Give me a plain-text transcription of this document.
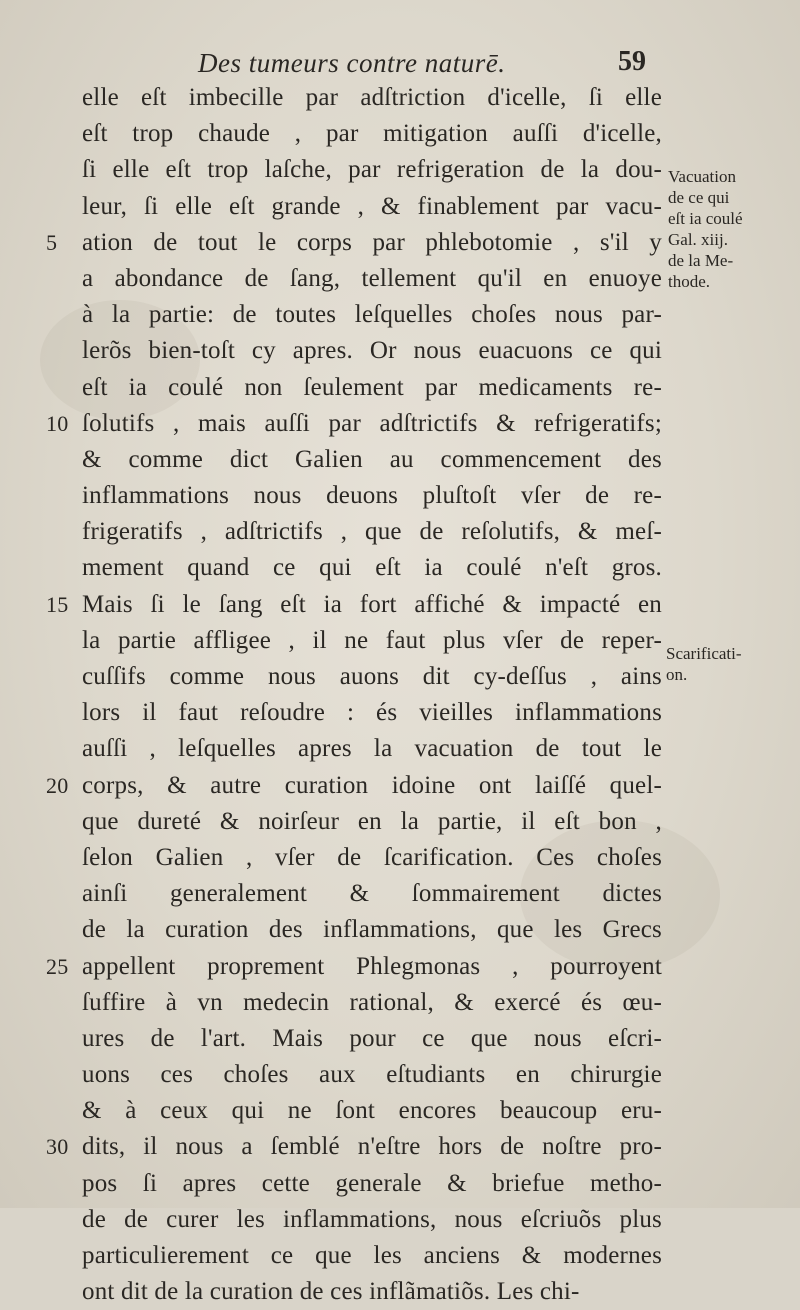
Des tumeurs contre naturē.	59
elle eſt imbecille par adſtriction d'icelle, ſi elle
eſt trop chaude , par mitigation auſſi d'icelle,
ſi elle eſt trop laſche, par refrigeration de la dou-
leur, ſi elle eſt grande , & finablement par vacu-
5 ation de tout le corps par phlebotomie , s'il y
a abondance de ſang, tellement qu'il en enuoye
à la partie: de toutes leſquelles choſes nous par-
lerõs bien-toſt cy apres. Or nous euacuons ce qui
eſt ia coulé non ſeulement par medicaments re-
10 ſolutifs , mais auſſi par adſtrictifs & refrigeratifs;
& comme dict Galien au commencement des
inflammations nous deuons pluſtoſt vſer de re-
frigeratifs , adſtrictifs , que de reſolutifs, & meſ-
mement quand ce qui eſt ia coulé n'eſt gros.
15 Mais ſi le ſang eſt ia fort affiché & impacté en
la partie affligee , il ne faut plus vſer de reper-
cuſſifs comme nous auons dit cy-deſſus , ains
lors il faut reſoudre : és vieilles inflammations
auſſi , leſquelles apres la vacuation de tout le
20 corps, & autre curation idoine ont laiſſé quel-
que dureté & noirſeur en la partie, il eſt bon ,
ſelon Galien , vſer de ſcarification. Ces choſes
ainſi generalement & ſommairement dictes
de la curation des inflammations, que les Grecs
25 appellent proprement Phlegmonas , pourroyent
ſuffire à vn medecin rational, & exercé és œu-
ures de l'art. Mais pour ce que nous eſcri-
uons ces choſes aux eſtudiants en chirurgie
& à ceux qui ne ſont encores beaucoup eru-
30 dits, il nous a ſemblé n'eſtre hors de noſtre pro-
pos ſi apres cette generale & briefue metho-
de de curer les inflammations, nous eſcriuõs plus
particulierement ce que les anciens & modernes
ont dit de la curation de ces inflãmatiõs. Les chi-
Vacuation
de ce qui
eſt ia coulé
Gal. xiij.
de la Me-
thode.
Scarificati-
on.
